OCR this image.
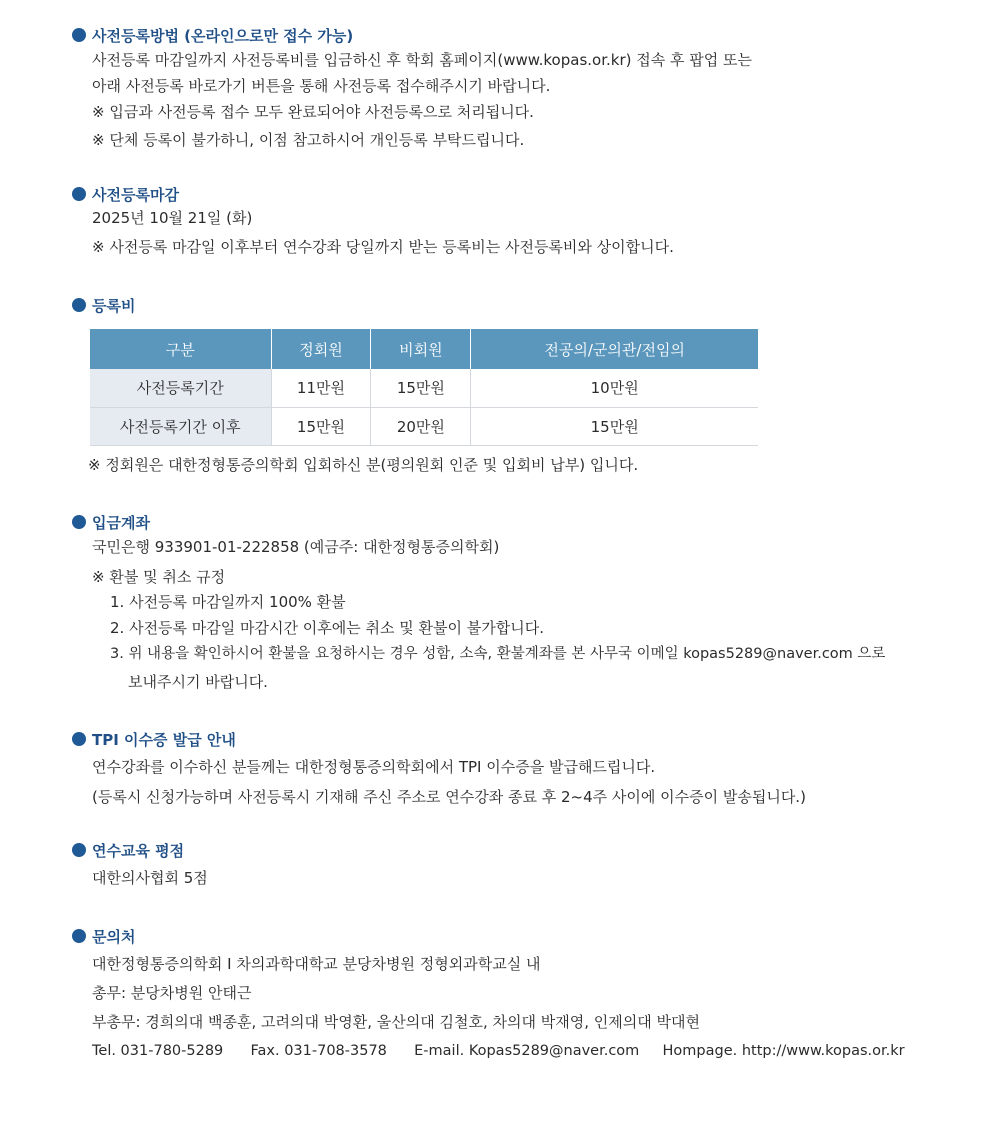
사전등록방법 (온라인으로만 접수 가능)
사전등록 마감일까지 사전등록비를 입금하신 후 학회 홈페이지(www.kopas.or.kr) 접속 후 팝업 또는
아래 사전등록 바로가기 버튼을 통해 사전등록 접수해주시기 바랍니다.
※ 입금과 사전등록 접수 모두 완료되어야 사전등록으로 처리됩니다.
※ 단체 등록이 불가하니, 이점 참고하시어 개인등록 부탁드립니다.
사전등록마감
2025년 10월 21일 (화)
※ 사전등록 마감일 이후부터 연수강좌 당일까지 받는 등록비는 사전등록비와 상이합니다.
등록비
구분	정회원	비회원	전공의/군의관/전임의
사전등록기간	11만원	15만원	10만원
사전등록기간 이후	15만원	20만원	15만원
※ 정회원은 대한정형통증의학회 입회하신 분(평의원회 인준 및 입회비 납부) 입니다.
입금계좌
국민은행 933901-01-222858 (예금주: 대한정형통증의학회)
※ 환불 및 취소 규정
1. 사전등록 마감일까지 100% 환불
2. 사전등록 마감일 마감시간 이후에는 취소 및 환불이 불가합니다.
3. 위 내용을 확인하시어 환불을 요청하시는 경우 성함, 소속, 환불계좌를 본 사무국 이메일 kopas5289@naver.com 으로
보내주시기 바랍니다.
TPI 이수증 발급 안내
연수강좌를 이수하신 분들께는 대한정형통증의학회에서 TPI 이수증을 발급해드립니다.
(등록시 신청가능하며 사전등록시 기재해 주신 주소로 연수강좌 종료 후 2~4주 사이에 이수증이 발송됩니다.)
연수교육 평점
대한의사협회 5점
문의처
대한정형통증의학회 I 차의과학대학교 분당차병원 정형외과학교실 내
총무: 분당차병원 안태근
부총무: 경희의대 백종훈, 고려의대 박영환, 울산의대 김철호, 차의대 박재영, 인제의대 박대현
Tel. 031-780-5289 Fax. 031-708-3578 E-mail. Kopas5289@naver.com Hompage. http://www.kopas.or.kr
